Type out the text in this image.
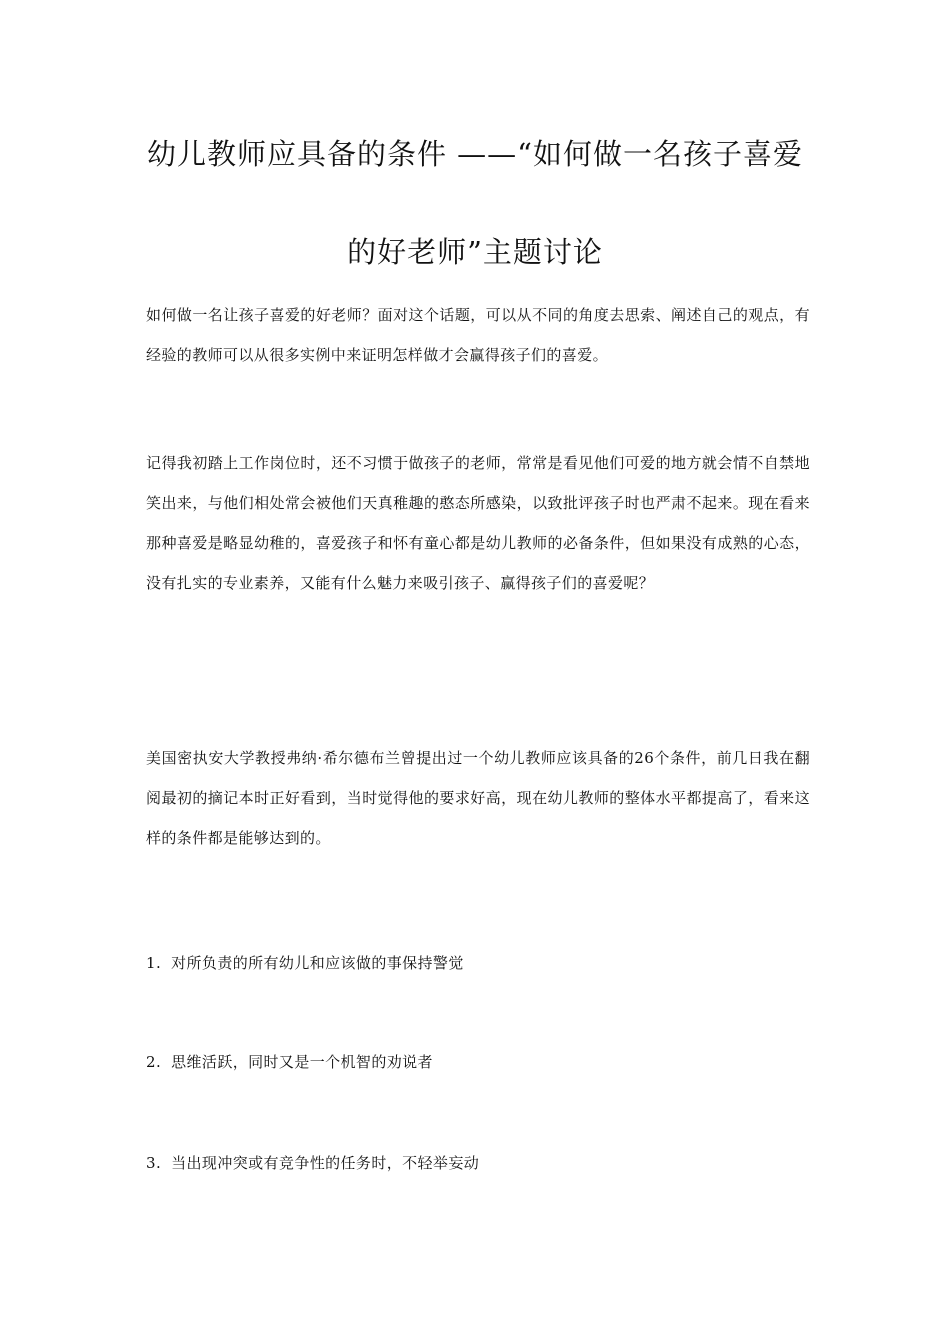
幼儿教师应具备的条件 ——“如何做一名孩子喜爱
的好老师”主题讨论
如何做一名让孩子喜爱的好老师？面对这个话题，可以从不同的角度去思索、阐述自己的观点，有经验的教师可以从很多实例中来证明怎样做才会赢得孩子们的喜爱。
记得我初踏上工作岗位时，还不习惯于做孩子的老师，常常是看见他们可爱的地方就会情不自禁地笑出来，与他们相处常会被他们天真稚趣的憨态所感染，以致批评孩子时也严肃不起来。现在看来那种喜爱是略显幼稚的，喜爱孩子和怀有童心都是幼儿教师的必备条件，但如果没有成熟的心态，没有扎实的专业素养，又能有什么魅力来吸引孩子、赢得孩子们的喜爱呢？
美国密执安大学教授弗纳·希尔德布兰曾提出过一个幼儿教师应该具备的26个条件，前几日我在翻阅最初的摘记本时正好看到，当时觉得他的要求好高，现在幼儿教师的整体水平都提高了，看来这样的条件都是能够达到的。
1. 对所负责的所有幼儿和应该做的事保持警觉
2. 思维活跃，同时又是一个机智的劝说者
3. 当出现冲突或有竞争性的任务时，不轻举妄动
